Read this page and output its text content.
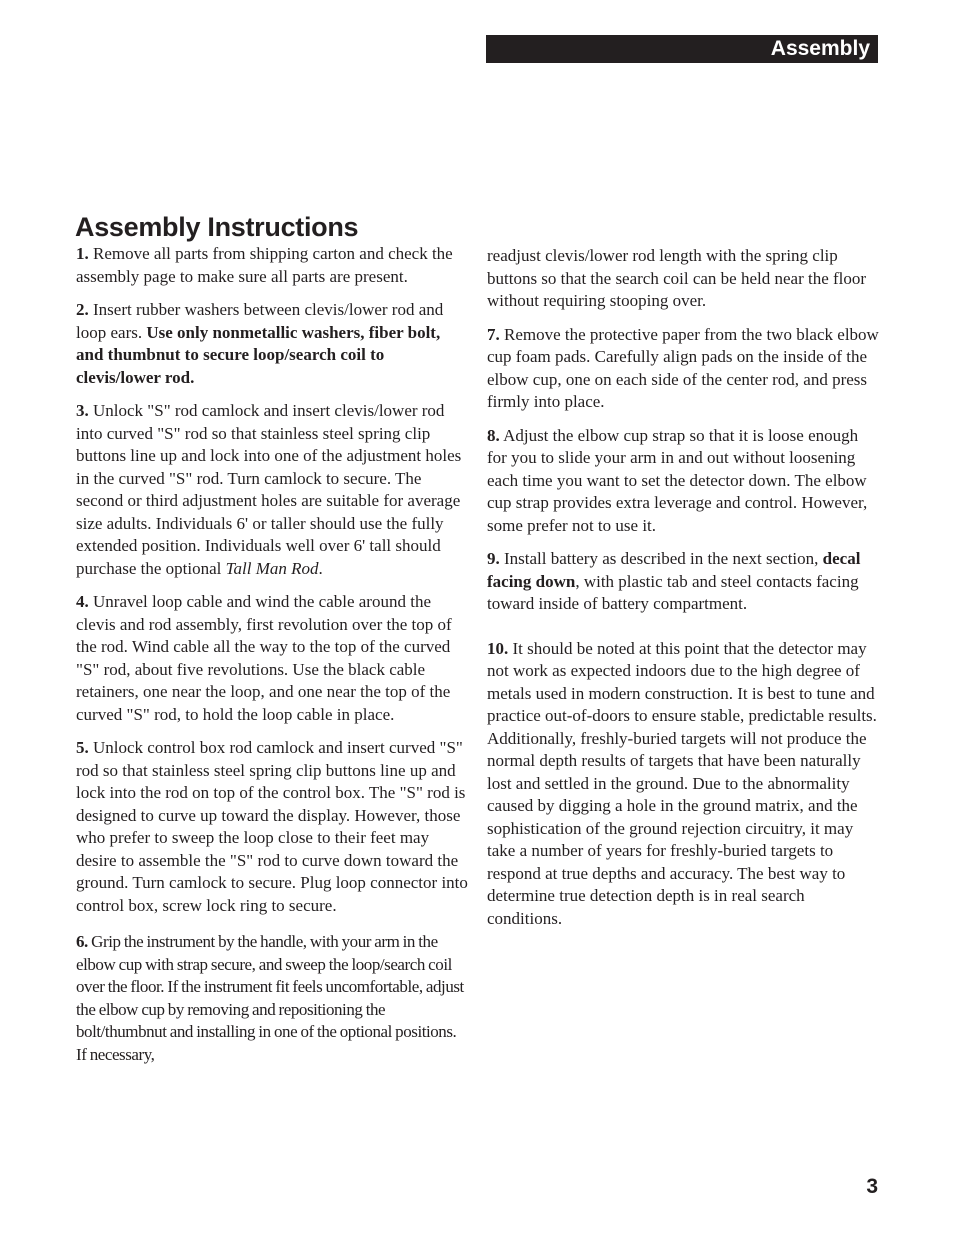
Assembly
Assembly Instructions

1. Remove all parts from shipping carton and check the assembly page to make sure all parts are present.

2. Insert rubber washers between clevis/lower rod and loop ears. Use only nonmetallic washers, fiber bolt, and thumbnut to secure loop/search coil to clevis/lower rod.

3. Unlock "S" rod camlock and insert clevis/lower rod into curved "S" rod so that stainless steel spring clip buttons line up and lock into one of the adjustment holes in the curved "S" rod. Turn camlock to secure. The second or third adjustment holes are suitable for average size adults. Individuals 6' or taller should use the fully extended position. Individuals well over 6' tall should purchase the optional Tall Man Rod.

4. Unravel loop cable and wind the cable around the clevis and rod assembly, first revolution over the top of the rod. Wind cable all the way to the top of the curved "S" rod, about five revolutions. Use the black cable retainers, one near the loop, and one near the top of the curved "S" rod, to hold the loop cable in place.

5. Unlock control box rod camlock and insert curved "S" rod so that stainless steel spring clip buttons line up and lock into the rod on top of the control box. The "S" rod is designed to curve up toward the display. However, those who prefer to sweep the loop close to their feet may desire to assemble the "S" rod to curve down toward the ground. Turn camlock to secure. Plug loop connector into control box, screw lock ring to secure.

6. Grip the instrument by the handle, with your arm in the elbow cup with strap secure, and sweep the loop/search coil over the floor. If the instrument fit feels uncomfortable, adjust the elbow cup by removing and repositioning the bolt/thumbnut and installing in one of the optional positions. If necessary,

readjust clevis/lower rod length with the spring clip buttons so that the search coil can be held near the floor without requiring stooping over.

7. Remove the protective paper from the two black elbow cup foam pads. Carefully align pads on the inside of the elbow cup, one on each side of the center rod, and press firmly into place.

8. Adjust the elbow cup strap so that it is loose enough for you to slide your arm in and out without loosening each time you want to set the detector down. The elbow cup strap provides extra leverage and control. However, some prefer not to use it.

9. Install battery as described in the next section, decal facing down, with plastic tab and steel contacts facing toward inside of battery compartment.

10. It should be noted at this point that the detector may not work as expected indoors due to the high degree of metals used in modern construction. It is best to tune and practice out-of-doors to ensure stable, predictable results. Additionally, freshly-buried targets will not produce the normal depth results of targets that have been naturally lost and settled in the ground. Due to the abnormality caused by digging a hole in the ground matrix, and the sophistication of the ground rejection circuitry, it may take a number of years for freshly-buried targets to respond at true depths and accuracy. The best way to determine true detection depth is in real search conditions.

3
